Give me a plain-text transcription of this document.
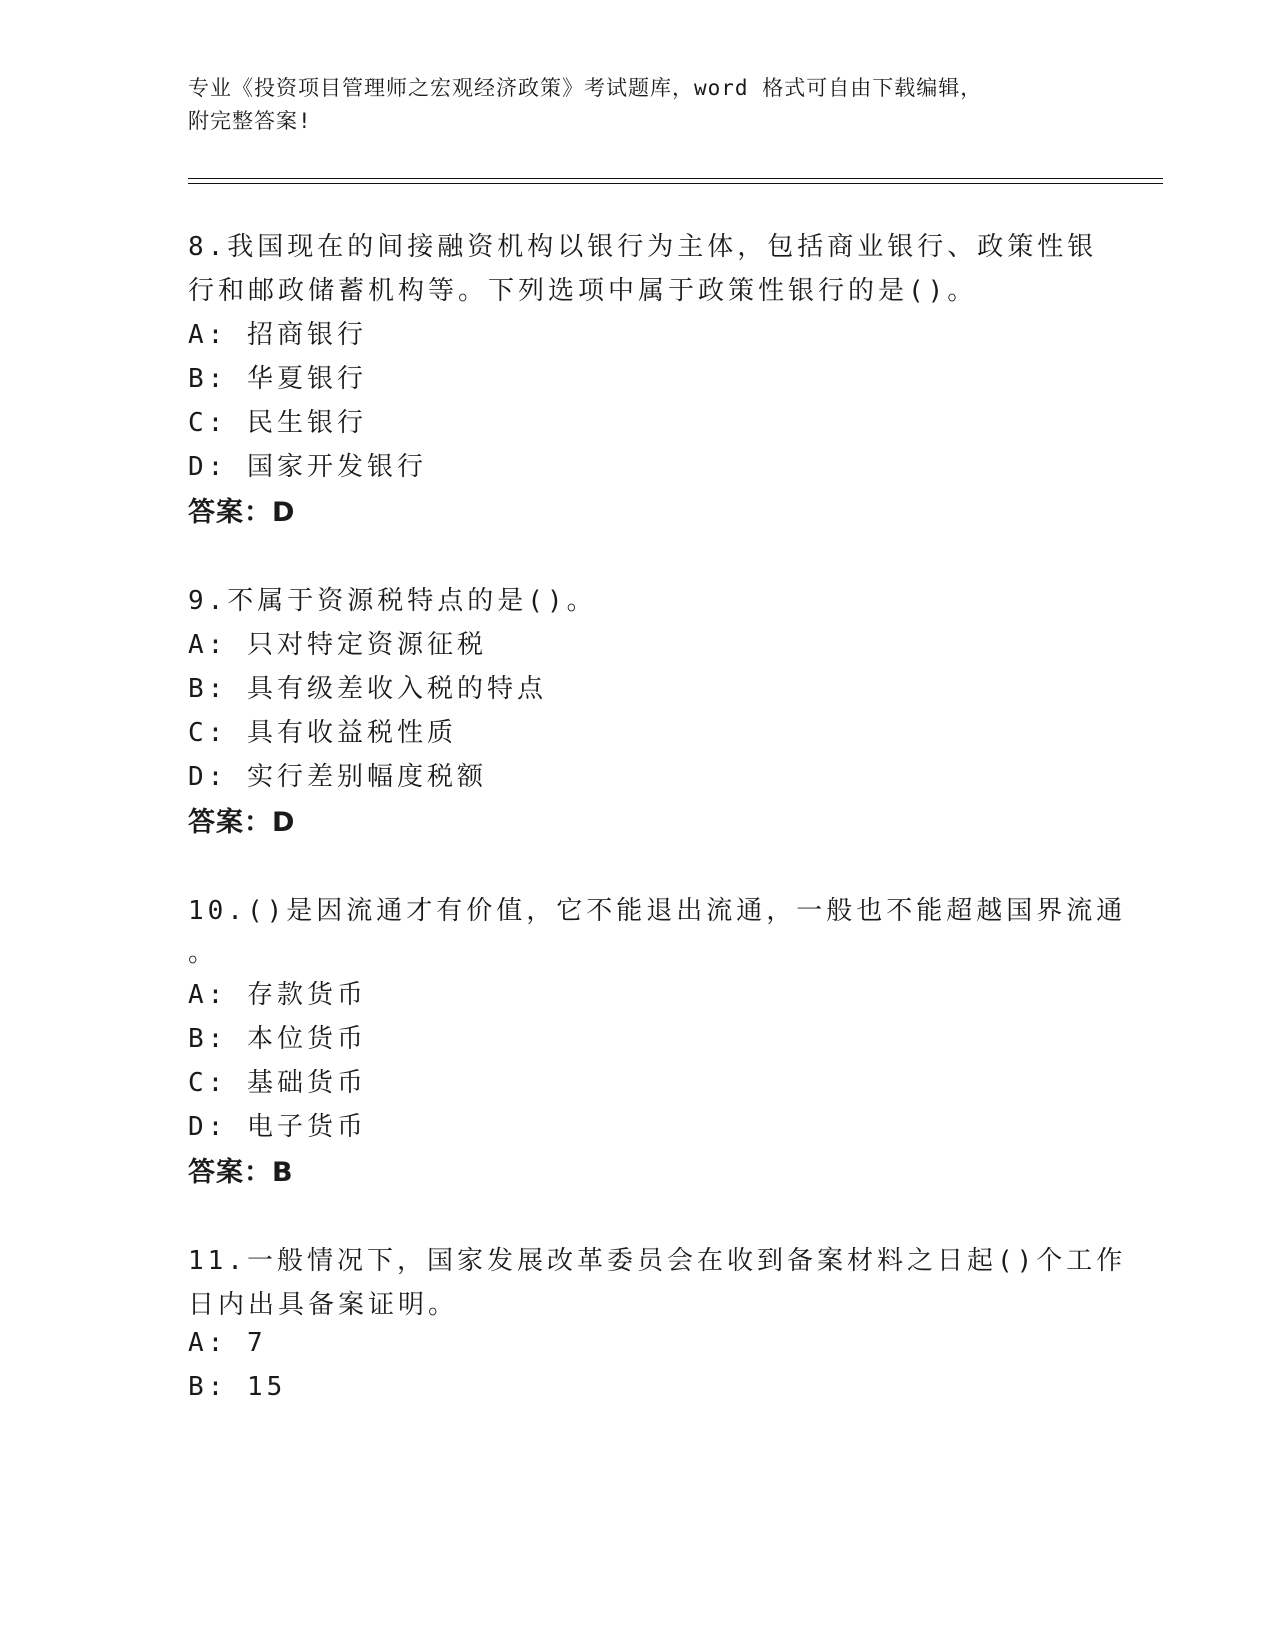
专业《投资项目管理师之宏观经济政策》考试题库，word 格式可自由下载编辑，
附完整答案!
8.我国现在的间接融资机构以银行为主体，包括商业银行、政策性银
行和邮政储蓄机构等。下列选项中属于政策性银行的是()。
A: 招商银行
B: 华夏银行
C: 民生银行
D: 国家开发银行
答案：D
9.不属于资源税特点的是()。
A: 只对特定资源征税
B: 具有级差收入税的特点
C: 具有收益税性质
D: 实行差别幅度税额
答案：D
10.()是因流通才有价值，它不能退出流通，一般也不能超越国界流通
。
A: 存款货币
B: 本位货币
C: 基础货币
D: 电子货币
答案：B
11.一般情况下，国家发展改革委员会在收到备案材料之日起()个工作
日内出具备案证明。
A: 7
B: 15
